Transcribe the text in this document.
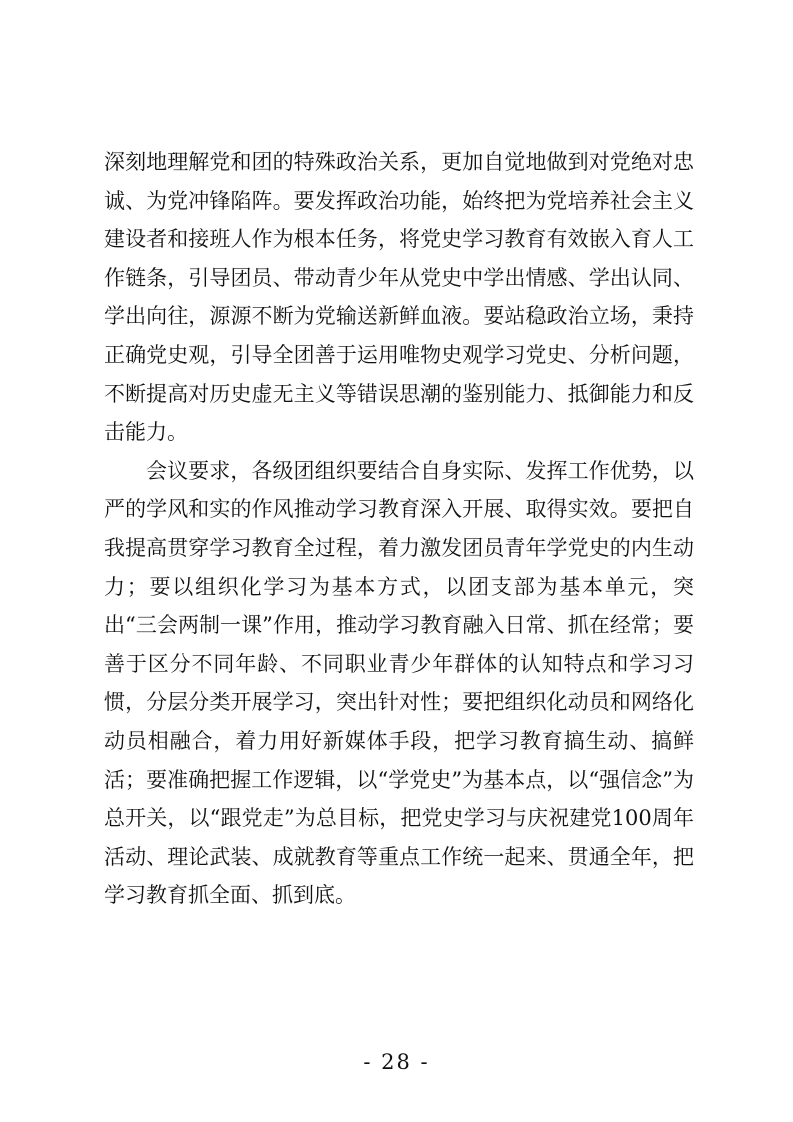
深刻地理解党和团的特殊政治关系，更加自觉地做到对党绝对忠诚、为党冲锋陷阵。要发挥政治功能，始终把为党培养社会主义建设者和接班人作为根本任务，将党史学习教育有效嵌入育人工作链条，引导团员、带动青少年从党史中学出情感、学出认同、学出向往，源源不断为党输送新鲜血液。要站稳政治立场，秉持正确党史观，引导全团善于运用唯物史观学习党史、分析问题，不断提高对历史虚无主义等错误思潮的鉴别能力、抵御能力和反击能力。

会议要求，各级团组织要结合自身实际、发挥工作优势，以严的学风和实的作风推动学习教育深入开展、取得实效。要把自我提高贯穿学习教育全过程，着力激发团员青年学党史的内生动力；要以组织化学习为基本方式，以团支部为基本单元，突出“三会两制一课”作用，推动学习教育融入日常、抓在经常；要善于区分不同年龄、不同职业青少年群体的认知特点和学习习惯，分层分类开展学习，突出针对性；要把组织化动员和网络化动员相融合，着力用好新媒体手段，把学习教育搞生动、搞鲜活；要准确把握工作逻辑，以“学党史”为基本点，以“强信念”为总开关，以“跟党走”为总目标，把党史学习与庆祝建党100周年活动、理论武装、成就教育等重点工作统一起来、贯通全年，把学习教育抓全面、抓到底。

- 28 -
